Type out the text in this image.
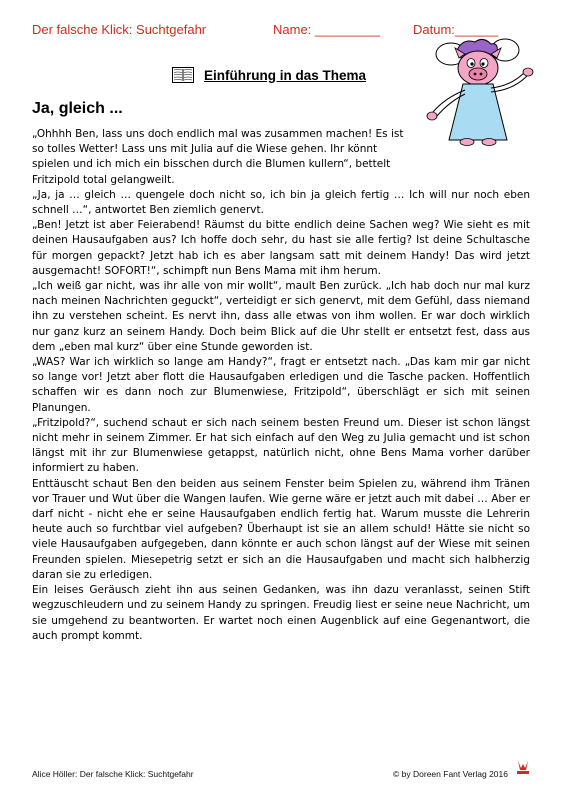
Der falsche Klick: Suchtgefahr	Name: _________	Datum:______
Einführung in das Thema
Ja, gleich ...

„Ohhhh Ben, lass uns doch endlich mal was zusammen machen! Es ist so tolles Wetter! Lass uns mit Julia auf die Wiese gehen. Ihr könnt spielen und ich mich ein bisschen durch die Blumen kullern“, bettelt Fritzipold total gelangweilt.

„Ja, ja … gleich … quengele doch nicht so, ich bin ja gleich fertig … Ich will nur noch eben schnell …“, antwortet Ben ziemlich genervt.

„Ben! Jetzt ist aber Feierabend! Räumst du bitte endlich deine Sachen weg? Wie sieht es mit deinen Hausaufgaben aus? Ich hoffe doch sehr, du hast sie alle fertig? Ist deine Schultasche für morgen gepackt? Jetzt hab ich es aber langsam satt mit deinem Handy! Das wird jetzt ausgemacht! SOFORT!“, schimpft nun Bens Mama mit ihm herum.

„Ich weiß gar nicht, was ihr alle von mir wollt“, mault Ben zurück. „Ich hab doch nur mal kurz nach meinen Nachrichten geguckt“, verteidigt er sich genervt, mit dem Gefühl, dass niemand ihn zu verstehen scheint. Es nervt ihn, dass alle etwas von ihm wollen. Er war doch wirklich nur ganz kurz an seinem Handy. Doch beim Blick auf die Uhr stellt er entsetzt fest, dass aus dem „eben mal kurz“ über eine Stunde geworden ist.

„WAS? War ich wirklich so lange am Handy?“, fragt er entsetzt nach. „Das kam mir gar nicht so lange vor! Jetzt aber flott die Hausaufgaben erledigen und die Tasche packen. Hoffentlich schaffen wir es dann noch zur Blumenwiese, Fritzipold“, überschlägt er sich mit seinen Planungen.

„Fritzipold?“, suchend schaut er sich nach seinem besten Freund um. Dieser ist schon längst nicht mehr in seinem Zimmer. Er hat sich einfach auf den Weg zu Julia gemacht und ist schon längst mit ihr zur Blumenwiese getappst, natürlich nicht, ohne Bens Mama vorher darüber informiert zu haben.

Enttäuscht schaut Ben den beiden aus seinem Fenster beim Spielen zu, während ihm Tränen vor Trauer und Wut über die Wangen laufen. Wie gerne wäre er jetzt auch mit dabei … Aber er darf nicht - nicht ehe er seine Hausaufgaben endlich fertig hat. Warum musste die Lehrerin heute auch so furchtbar viel aufgeben? Überhaupt ist sie an allem schuld! Hätte sie nicht so viele Hausaufgaben aufgegeben, dann könnte er auch schon längst auf der Wiese mit seinen Freunden spielen. Miesepetrig setzt er sich an die Hausaufgaben und macht sich halbherzig daran sie zu erledigen.

Ein leises Geräusch zieht ihn aus seinen Gedanken, was ihn dazu veranlasst, seinen Stift wegzuschleudern und zu seinem Handy zu springen. Freudig liest er seine neue Nachricht, um sie umgehend zu beantworten. Er wartet noch einen Augenblick auf eine Gegenantwort, die auch prompt kommt.

Alice Höller: Der falsche Klick: Suchtgefahr	© by Doreen Fant Verlag 2016
